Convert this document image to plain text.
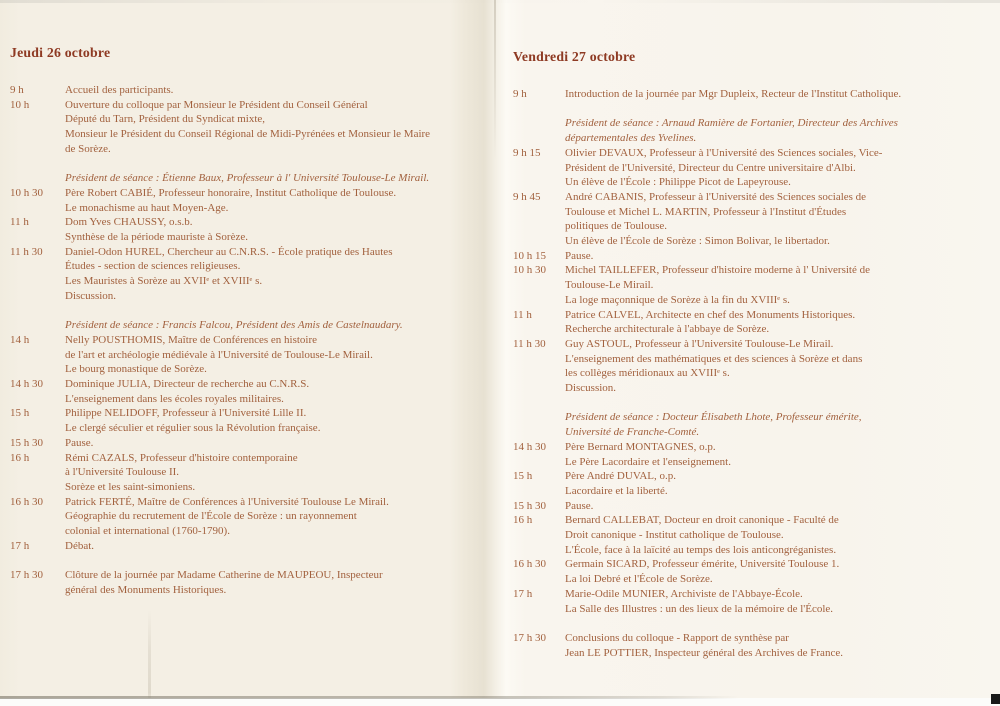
Jeudi 26 octobre
9 h	Accueil des participants.
10 h	Ouverture du colloque par Monsieur le Président du Conseil Général
Député du Tarn, Président du Syndicat mixte,
Monsieur le Président du Conseil Régional de Midi-Pyrénées et Monsieur le Maire
de Sorèze.
Président de séance : Étienne Baux, Professeur à l' Université Toulouse-Le Mirail.
10 h 30	Père Robert CABIÉ, Professeur honoraire, Institut Catholique de Toulouse.
Le monachisme au haut Moyen-Age.
11 h	Dom Yves CHAUSSY, o.s.b.
Synthèse de la période mauriste à Sorèze.
11 h 30	Daniel-Odon HUREL, Chercheur au C.N.R.S. - École pratique des Hautes
Études - section de sciences religieuses.
Les Mauristes à Sorèze au XVIIᵉ et XVIIIᵉ s.
Discussion.
Président de séance : Francis Falcou, Président des Amis de Castelnaudary.
14 h	Nelly POUSTHOMIS, Maître de Conférences en histoire
de l'art et archéologie médiévale à l'Université de Toulouse-Le Mirail.
Le bourg monastique de Sorèze.
14 h 30	Dominique JULIA, Directeur de recherche au C.N.R.S.
L'enseignement dans les écoles royales militaires.
15 h	Philippe NELIDOFF, Professeur à l'Université Lille II.
Le clergé séculier et régulier sous la Révolution française.
15 h 30	Pause.
16 h	Rémi CAZALS, Professeur d'histoire contemporaine
à l'Université Toulouse II.
Sorèze et les saint-simoniens.
16 h 30	Patrick FERTÉ, Maître de Conférences à l'Université Toulouse Le Mirail.
Géographie du recrutement de l'École de Sorèze : un rayonnement
colonial et international (1760-1790).
17 h	Débat.
17 h 30	Clôture de la journée par Madame Catherine de MAUPEOU, Inspecteur
général des Monuments Historiques.
Vendredi 27 octobre
9 h	Introduction de la journée par Mgr Dupleix, Recteur de l'Institut Catholique.
Président de séance : Arnaud Ramière de Fortanier, Directeur des Archives
départementales des Yvelines.
9 h 15	Olivier DEVAUX, Professeur à l'Université des Sciences sociales, Vice-
Président de l'Université, Directeur du Centre universitaire d'Albi.
Un élève de l'École : Philippe Picot de Lapeyrouse.
9 h 45	André CABANIS, Professeur à l'Université des Sciences sociales de
Toulouse et Michel L. MARTIN, Professeur à l'Institut d'Études
politiques de Toulouse.
Un élève de l'École de Sorèze : Simon Bolivar, le libertador.
10 h 15	Pause.
10 h 30	Michel TAILLEFER, Professeur d'histoire moderne à l' Université de
Toulouse-Le Mirail.
La loge maçonnique de Sorèze à la fin du XVIIIᵉ s.
11 h	Patrice CALVEL, Architecte en chef des Monuments Historiques.
Recherche architecturale à l'abbaye de Sorèze.
11 h 30	Guy ASTOUL, Professeur à l'Université Toulouse-Le Mirail.
L'enseignement des mathématiques et des sciences à Sorèze et dans
les collèges méridionaux au XVIIIᵉ s.
Discussion.
Président de séance : Docteur Élisabeth Lhote, Professeur émérite,
Université de Franche-Comté.
14 h 30	Père Bernard MONTAGNES, o.p.
Le Père Lacordaire et l'enseignement.
15 h	Père André DUVAL, o.p.
Lacordaire et la liberté.
15 h 30	Pause.
16 h	Bernard CALLEBAT, Docteur en droit canonique - Faculté de
Droit canonique - Institut catholique de Toulouse.
L'École, face à la laïcité au temps des lois anticongréganistes.
16 h 30	Germain SICARD, Professeur émérite, Université Toulouse 1.
La loi Debré et l'École de Sorèze.
17 h	Marie-Odile MUNIER, Archiviste de l'Abbaye-École.
La Salle des Illustres : un des lieux de la mémoire de l'École.
17 h 30	Conclusions du colloque - Rapport de synthèse par
Jean LE POTTIER, Inspecteur général des Archives de France.
